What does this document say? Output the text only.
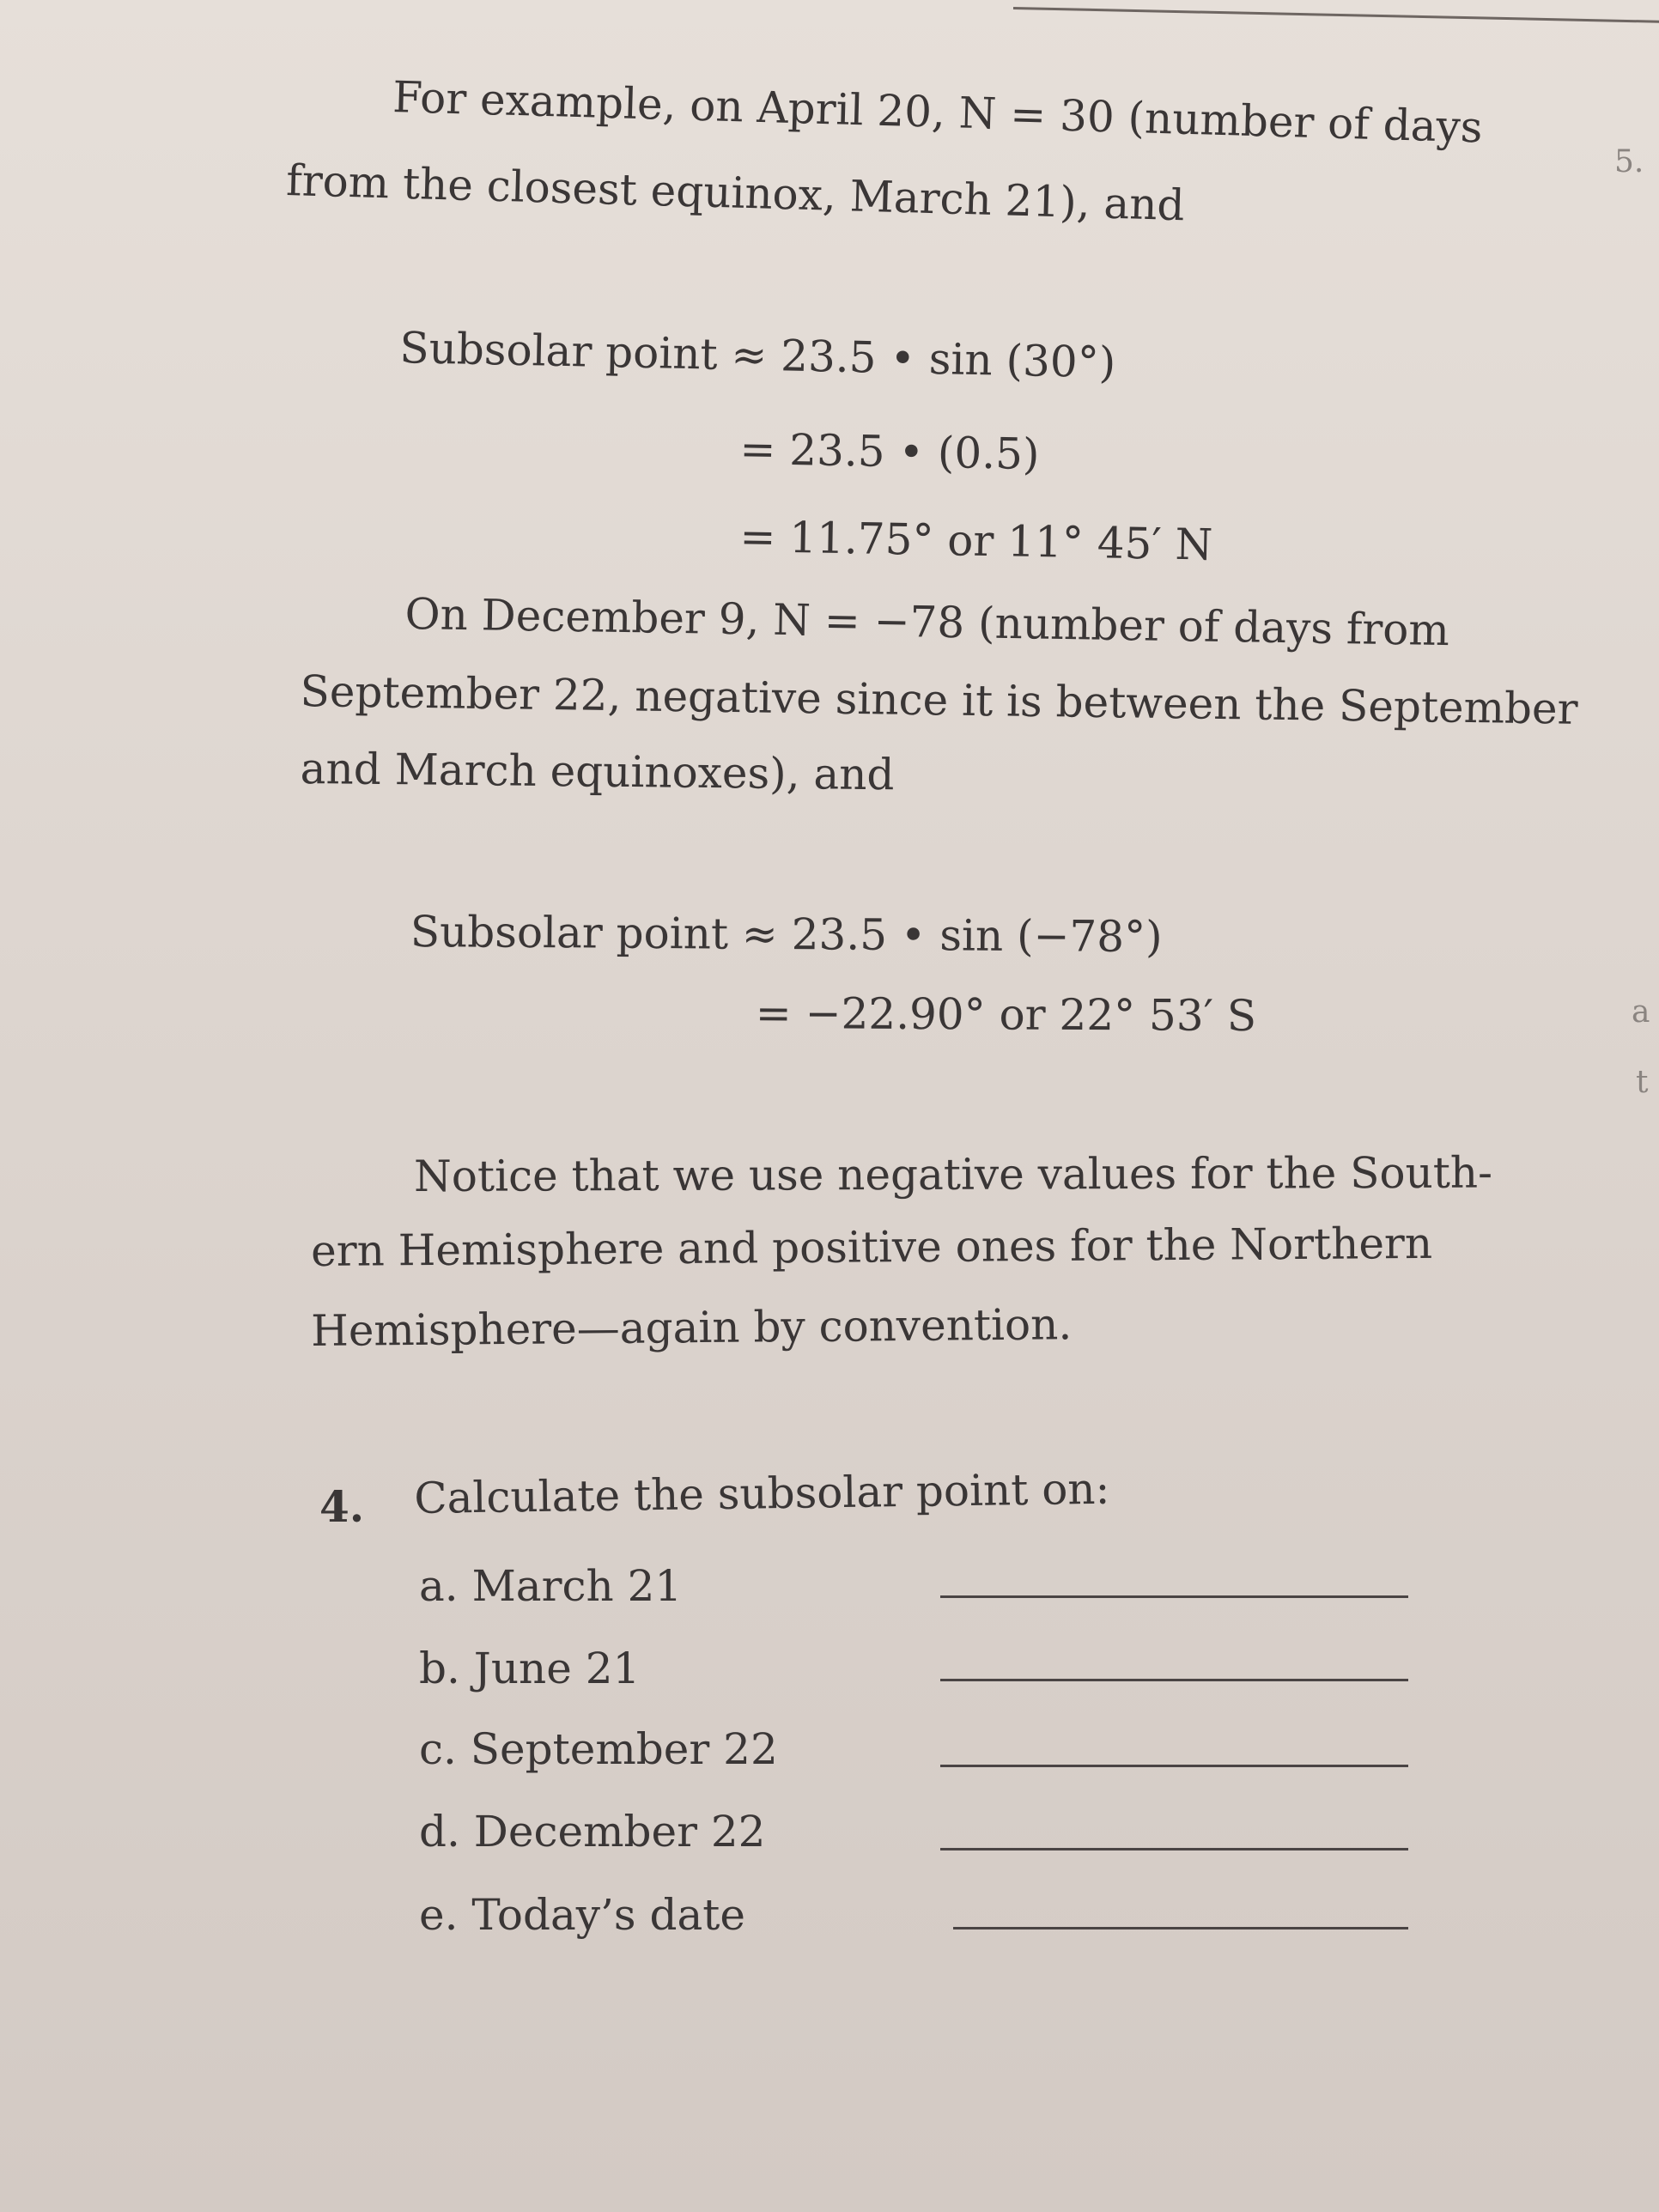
5.
a
t
For example, on April 20, N = 30 (number of days
from the closest equinox, March 21), and
Subsolar point ≈ 23.5 • sin (30°)
= 23.5 • (0.5)
= 11.75° or 11° 45′ N
On December 9, N = −78 (number of days from
September 22, negative since it is between the September
and March equinoxes), and
Subsolar point ≈ 23.5 • sin (−78°)
= −22.90° or 22° 53′ S
Notice that we use negative values for the South-
ern Hemisphere and positive ones for the Northern
Hemisphere—again by convention.
4. Calculate the subsolar point on:
a. March 21
b. June 21
c. September 22
d. December 22
e. Today’s date
